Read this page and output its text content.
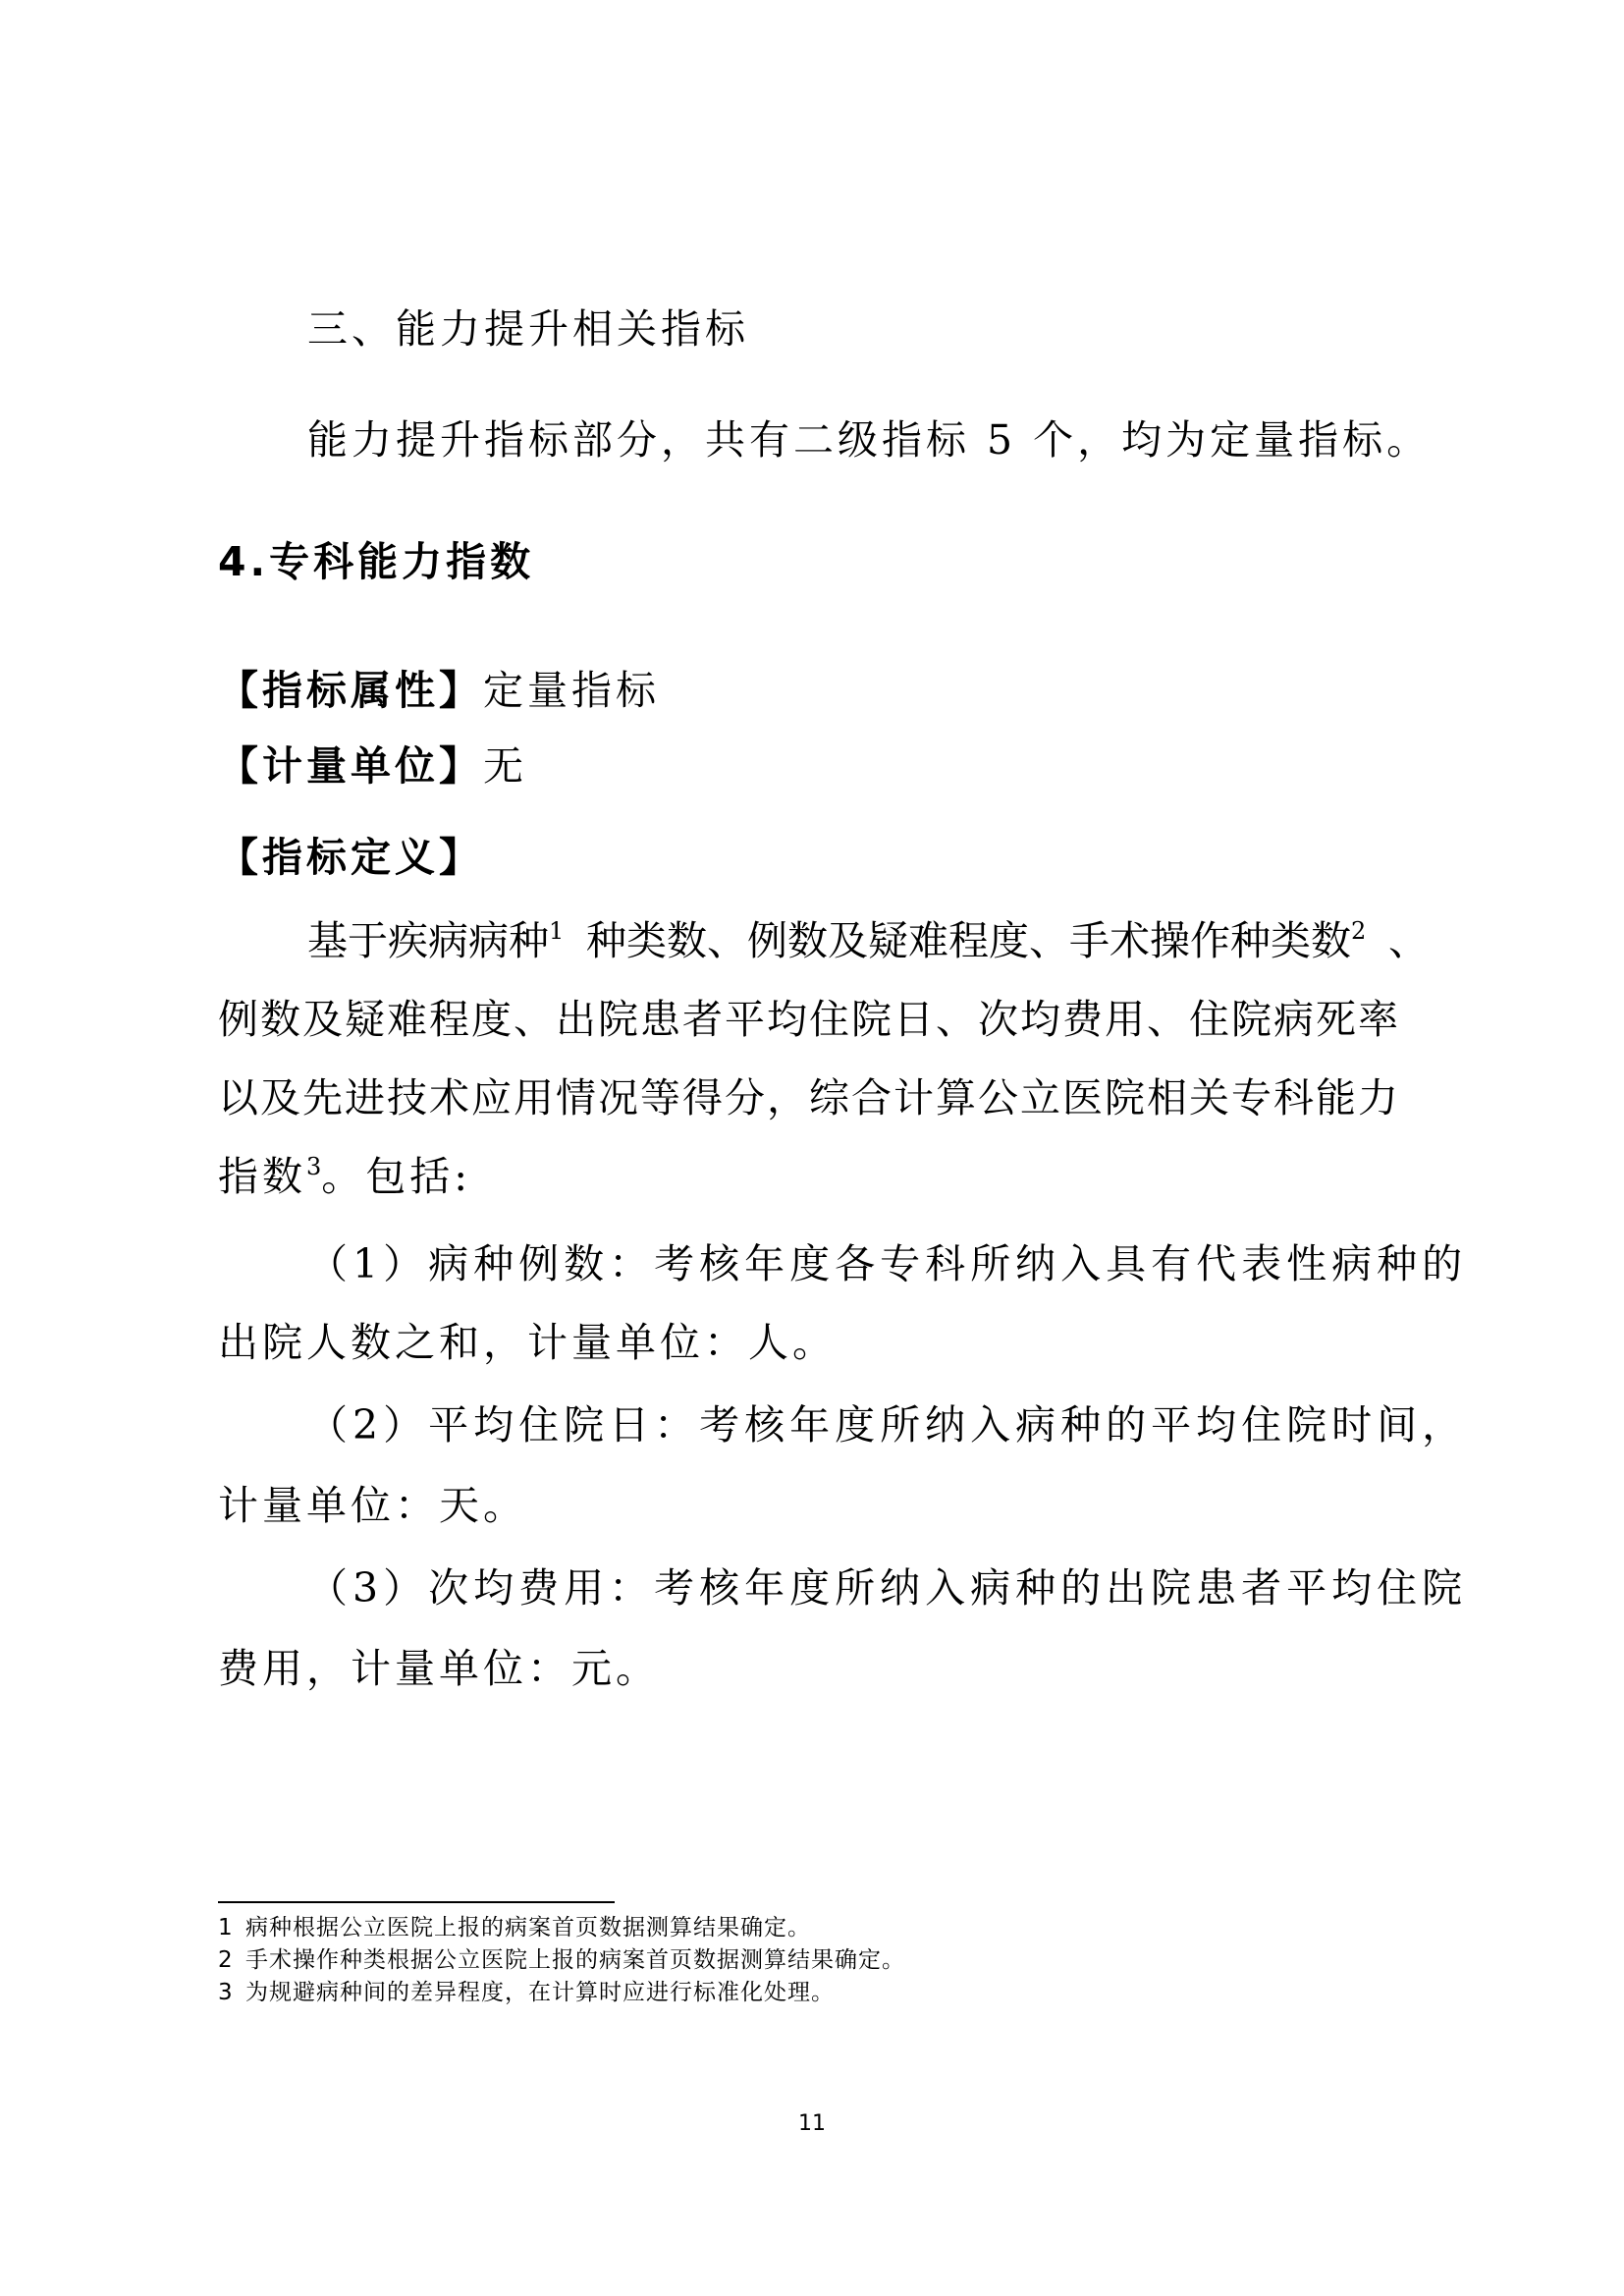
三、能力提升相关指标
能力提升指标部分，共有二级指标 5 个，均为定量指标。
4.专科能力指数
【指标属性】定量指标
【计量单位】无
【指标定义】
基于疾病病种$^1$ 种类数、例数及疑难程度、手术操作种类数$^2$ 、
例数及疑难程度、出院患者平均住院日、次均费用、住院病死率
以及先进技术应用情况等得分，综合计算公立医院相关专科能力
指数$^3$。包括:
（1）病种例数：考核年度各专科所纳入具有代表性病种的
出院人数之和，计量单位：人。
（2）平均住院日：考核年度所纳入病种的平均住院时间，
计量单位：天。
（3）次均费用：考核年度所纳入病种的出院患者平均住院
费用，计量单位：元。
1 病种根据公立医院上报的病案首页数据测算结果确定。
2 手术操作种类根据公立医院上报的病案首页数据测算结果确定。
3 为规避病种间的差异程度，在计算时应进行标准化处理。
11
